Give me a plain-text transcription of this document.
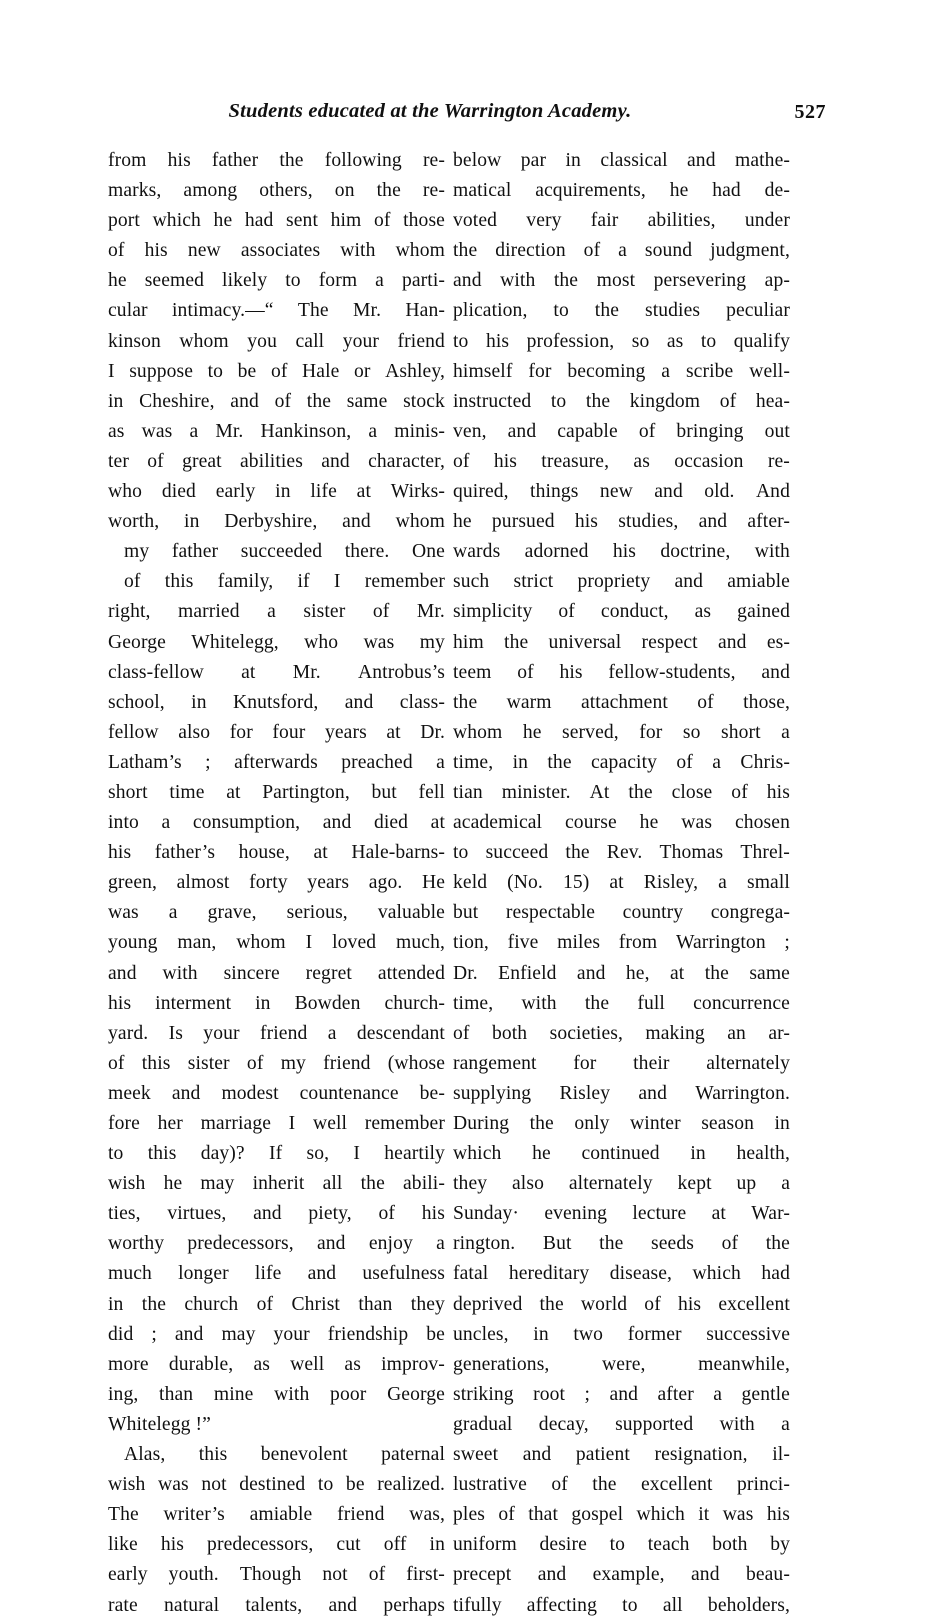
Students educated at the Warrington Academy.	527
from his father the following re-
marks, among others, on the re-
port which he had sent him of those
of his new associates with whom
he seemed likely to form a parti-
cular intimacy.—“ The Mr. Han-
kinson whom you call your friend
I suppose to be of Hale or Ashley,
in Cheshire, and of the same stock
as was a Mr. Hankinson, a minis-
ter of great abilities and character,
who died early in life at Wirks-
worth, in Derbyshire, and whom
my father succeeded there. One
of this family, if I remember
right, married a sister of Mr.
George Whitelegg, who was my
class-fellow at Mr. Antrobus’s
school, in Knutsford, and class-
fellow also for four years at Dr.
Latham’s ; afterwards preached a
short time at Partington, but fell
into a consumption, and died at
his father’s house, at Hale-barns-
green, almost forty years ago. He
was a grave, serious, valuable
young man, whom I loved much,
and with sincere regret attended
his interment in Bowden church-
yard. Is your friend a descendant
of this sister of my friend (whose
meek and modest countenance be-
fore her marriage I well remember
to this day)? If so, I heartily
wish he may inherit all the abili-
ties, virtues, and piety, of his
worthy predecessors, and enjoy a
much longer life and usefulness
in the church of Christ than they
did ; and may your friendship be
more durable, as well as improv-
ing, than mine with poor George
Whitelegg !”
Alas, this benevolent paternal
wish was not destined to be realized.
The writer’s amiable friend was,
like his predecessors, cut off in
early youth. Though not of first-
rate natural talents, and perhaps
below par in classical and mathe-
matical acquirements, he had de-
voted very fair abilities, under
the direction of a sound judgment,
and with the most persevering ap-
plication, to the studies peculiar
to his profession, so as to qualify
himself for becoming a scribe well-
instructed to the kingdom of hea-
ven, and capable of bringing out
of his treasure, as occasion re-
quired, things new and old. And
he pursued his studies, and after-
wards adorned his doctrine, with
such strict propriety and amiable
simplicity of conduct, as gained
him the universal respect and es-
teem of his fellow-students, and
the warm attachment of those,
whom he served, for so short a
time, in the capacity of a Chris-
tian minister. At the close of his
academical course he was chosen
to succeed the Rev. Thomas Threl-
keld (No. 15) at Risley, a small
but respectable country congrega-
tion, five miles from Warrington ;
Dr. Enfield and he, at the same
time, with the full concurrence
of both societies, making an ar-
rangement for their alternately
supplying Risley and Warrington.
During the only winter season in
which he continued in health,
they also alternately kept up a
Sunday· evening lecture at War-
rington. But the seeds of the
fatal hereditary disease, which had
deprived the world of his excellent
uncles, in two former successive
generations,	were,	meanwhile,
striking root ; and after a gentle
gradual decay, supported with a
sweet and patient resignation, il-
lustrative of the excellent princi-
ples of that gospel which it was his
uniform desire to teach both by
precept and example, and beau-
tifully affecting to all beholders,
